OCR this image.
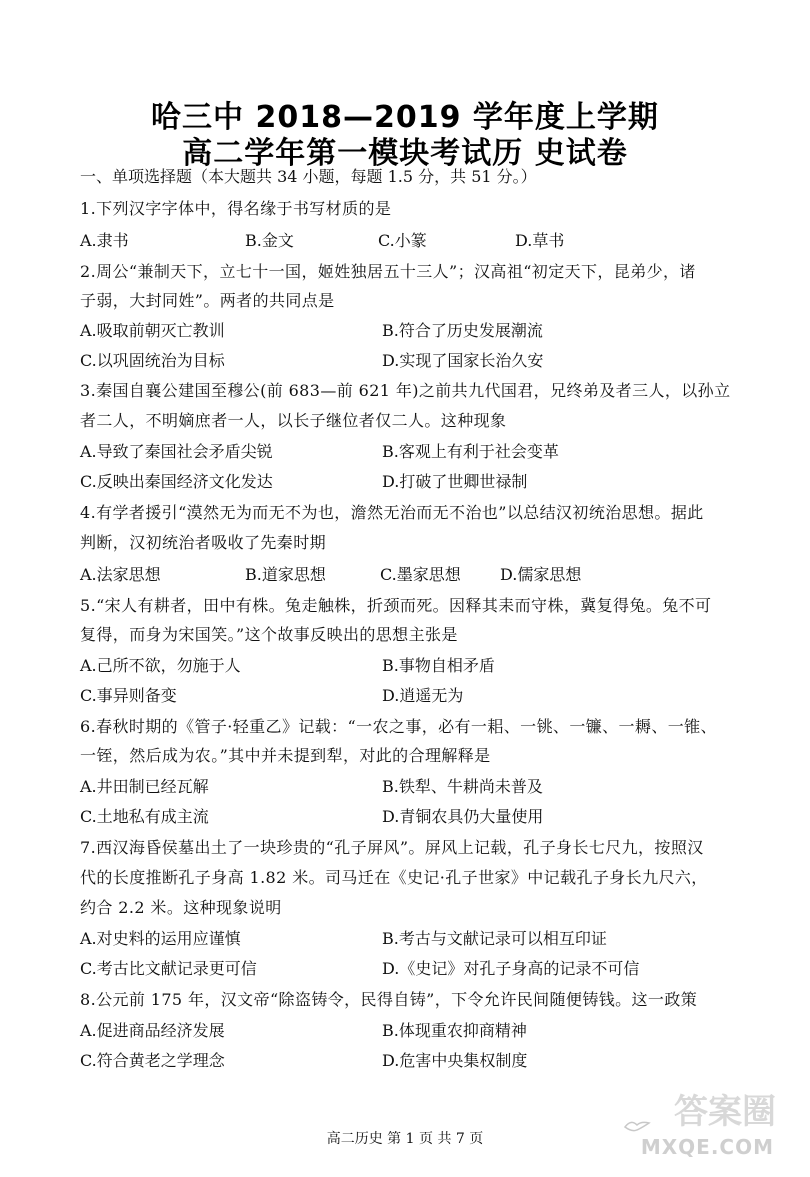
哈三中 2018—2019 学年度上学期
高二学年第一模块考试历 史试卷
一、单项选择题（本大题共 34 小题，每题 1.5 分，共 51 分。）
1.下列汉字字体中，得名缘于书写材质的是
A.隶书	B.金文	C.小篆	D.草书
2.周公“兼制天下，立七十一国，姬姓独居五十三人”；汉高祖“初定天下，昆弟少，诸
子弱，大封同姓”。两者的共同点是
A.吸取前朝灭亡教训	B.符合了历史发展潮流
C.以巩固统治为目标	D.实现了国家长治久安
3.秦国自襄公建国至穆公(前 683—前 621 年)之前共九代国君，兄终弟及者三人，以孙立
者二人，不明嫡庶者一人，以长子继位者仅二人。这种现象
A.导致了秦国社会矛盾尖锐	B.客观上有利于社会变革
C.反映出秦国经济文化发达	D.打破了世卿世禄制
4.有学者援引“漠然无为而无不为也，澹然无治而无不治也”以总结汉初统治思想。据此
判断，汉初统治者吸收了先秦时期
A.法家思想	B.道家思想	C.墨家思想 D.儒家思想
5.“宋人有耕者，田中有株。兔走触株，折颈而死。因释其耒而守株，冀复得兔。兔不可
复得，而身为宋国笑。”这个故事反映出的思想主张是
A.己所不欲，勿施于人	B.事物自相矛盾
C.事异则备变	D.逍遥无为
6.春秋时期的《管子·轻重乙》记载：“一农之事，必有一耜、一铫、一镰、一耨、一锥、
一铚，然后成为农。”其中并未提到犁，对此的合理解释是
A.井田制已经瓦解	B.铁犁、牛耕尚未普及
C.土地私有成主流	D.青铜农具仍大量使用
7.西汉海昏侯墓出土了一块珍贵的“孔子屏风”。屏风上记载，孔子身长七尺九，按照汉
代的长度推断孔子身高 1.82 米。司马迁在《史记·孔子世家》中记载孔子身长九尺六，
约合 2.2 米。这种现象说明
A.对史料的运用应谨慎	B.考古与文献记录可以相互印证
C.考古比文献记录更可信	D.《史记》对孔子身高的记录不可信
8.公元前 175 年，汉文帝“除盗铸令，民得自铸”，下令允许民间随便铸钱。这一政策
A.促进商品经济发展	B.体现重农抑商精神
C.符合黄老之学理念	D.危害中央集权制度
高二历史 第 1 页 共 7 页
答案圈
MXQE.COM
